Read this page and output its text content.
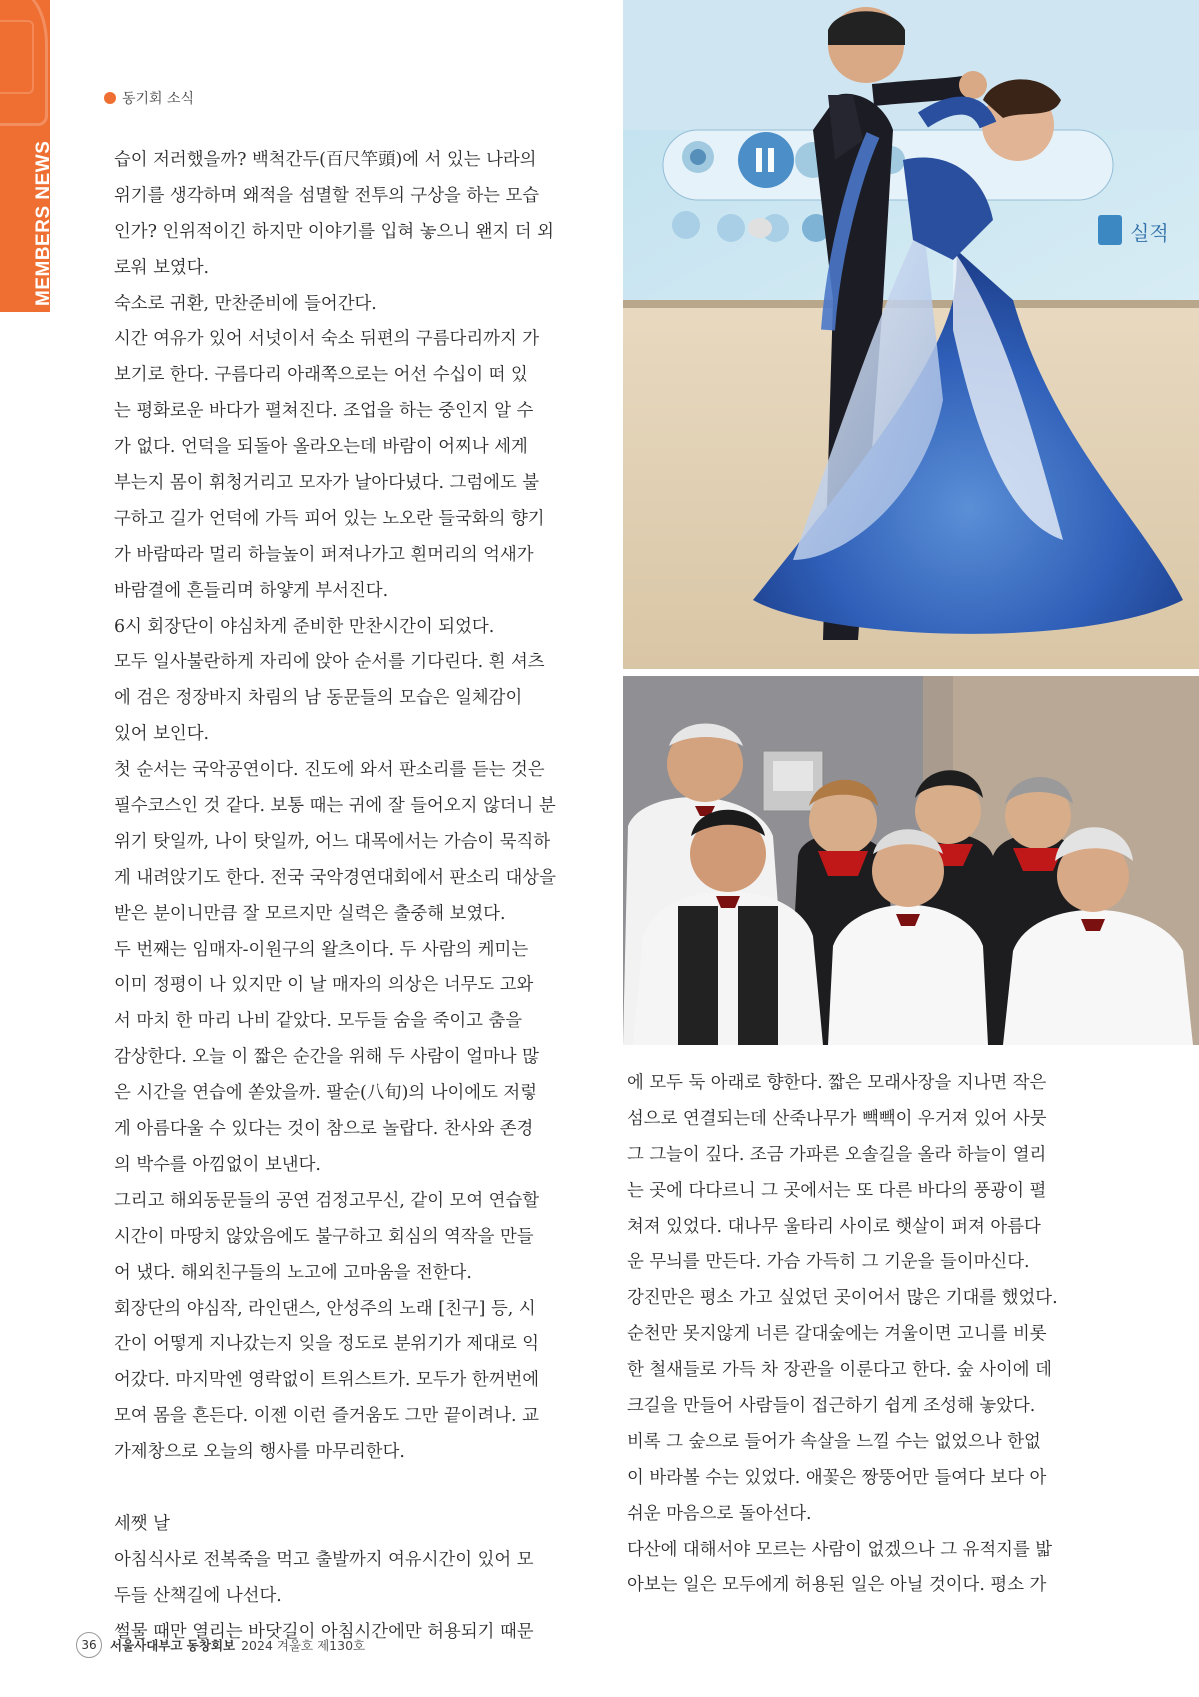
MEMBERS NEWS
동기회 소식

습이 저러했을까? 백척간두(百尺竿頭)에 서 있는 나라의

위기를 생각하며 왜적을 섬멸할 전투의 구상을 하는 모습

인가? 인위적이긴 하지만 이야기를 입혀 놓으니 왠지 더 외

로워 보였다.

숙소로 귀환, 만찬준비에 들어간다.

시간 여유가 있어 서넛이서 숙소 뒤편의 구름다리까지 가

보기로 한다. 구름다리 아래쪽으로는 어선 수십이 떠 있

는 평화로운 바다가 펼쳐진다. 조업을 하는 중인지 알 수

가 없다. 언덕을 되돌아 올라오는데 바람이 어찌나 세게

부는지 몸이 휘청거리고 모자가 날아다녔다. 그럼에도 불

구하고 길가 언덕에 가득 피어 있는 노오란 들국화의 향기

가 바람따라 멀리 하늘높이 퍼져나가고 흰머리의 억새가

바람결에 흔들리며 하얗게 부서진다.

6시 회장단이 야심차게 준비한 만찬시간이 되었다.

모두 일사불란하게 자리에 앉아 순서를 기다린다. 흰 셔츠

에 검은 정장바지 차림의 남 동문들의 모습은 일체감이

있어 보인다.

첫 순서는 국악공연이다. 진도에 와서 판소리를 듣는 것은

필수코스인 것 같다. 보통 때는 귀에 잘 들어오지 않더니 분

위기 탓일까, 나이 탓일까, 어느 대목에서는 가슴이 묵직하

게 내려앉기도 한다. 전국 국악경연대회에서 판소리 대상을

받은 분이니만큼 잘 모르지만 실력은 출중해 보였다.

두 번째는 임매자-이원구의 왈츠이다. 두 사람의 케미는

이미 정평이 나 있지만 이 날 매자의 의상은 너무도 고와

서 마치 한 마리 나비 같았다. 모두들 숨을 죽이고 춤을

감상한다. 오늘 이 짧은 순간을 위해 두 사람이 얼마나 많

은 시간을 연습에 쏟았을까. 팔순(八旬)의 나이에도 저렇

게 아름다울 수 있다는 것이 참으로 놀랍다. 찬사와 존경

의 박수를 아낌없이 보낸다.

그리고 해외동문들의 공연 검정고무신, 같이 모여 연습할

시간이 마땅치 않았음에도 불구하고 회심의 역작을 만들

어 냈다. 해외친구들의 노고에 고마움을 전한다.

회장단의 야심작, 라인댄스, 안성주의 노래 [친구] 등, 시

간이 어떻게 지나갔는지 잊을 정도로 분위기가 제대로 익

어갔다. 마지막엔 영락없이 트위스트가. 모두가 한꺼번에

모여 몸을 흔든다. 이젠 이런 즐거움도 그만 끝이려나. 교

가제창으로 오늘의 행사를 마무리한다.

세쨋 날

아침식사로 전복죽을 먹고 출발까지 여유시간이 있어 모

두들 산책길에 나선다.

썰물 때만 열리는 바닷길이 아침시간에만 허용되기 때문

에 모두 둑 아래로 향한다. 짧은 모래사장을 지나면 작은

섬으로 연결되는데 산죽나무가 빽빽이 우거져 있어 사뭇

그 그늘이 깊다. 조금 가파른 오솔길을 올라 하늘이 열리

는 곳에 다다르니 그 곳에서는 또 다른 바다의 풍광이 펼

쳐져 있었다. 대나무 울타리 사이로 햇살이 퍼져 아름다

운 무늬를 만든다. 가슴 가득히 그 기운을 들이마신다.

강진만은 평소 가고 싶었던 곳이어서 많은 기대를 했었다.

순천만 못지않게 너른 갈대숲에는 겨울이면 고니를 비롯

한 철새들로 가득 차 장관을 이룬다고 한다. 숲 사이에 데

크길을 만들어 사람들이 접근하기 쉽게 조성해 놓았다.

비록 그 숲으로 들어가 속살을 느낄 수는 없었으나 한없

이 바라볼 수는 있었다. 애꽃은 짱뚱어만 들여다 보다 아

쉬운 마음으로 돌아선다.

다산에 대해서야 모르는 사람이 없겠으나 그 유적지를 밟

아보는 일은 모두에게 허용된 일은 아닐 것이다. 평소 가

실적
36	서울사대부고 동창회보 2024 겨울호 제130호
